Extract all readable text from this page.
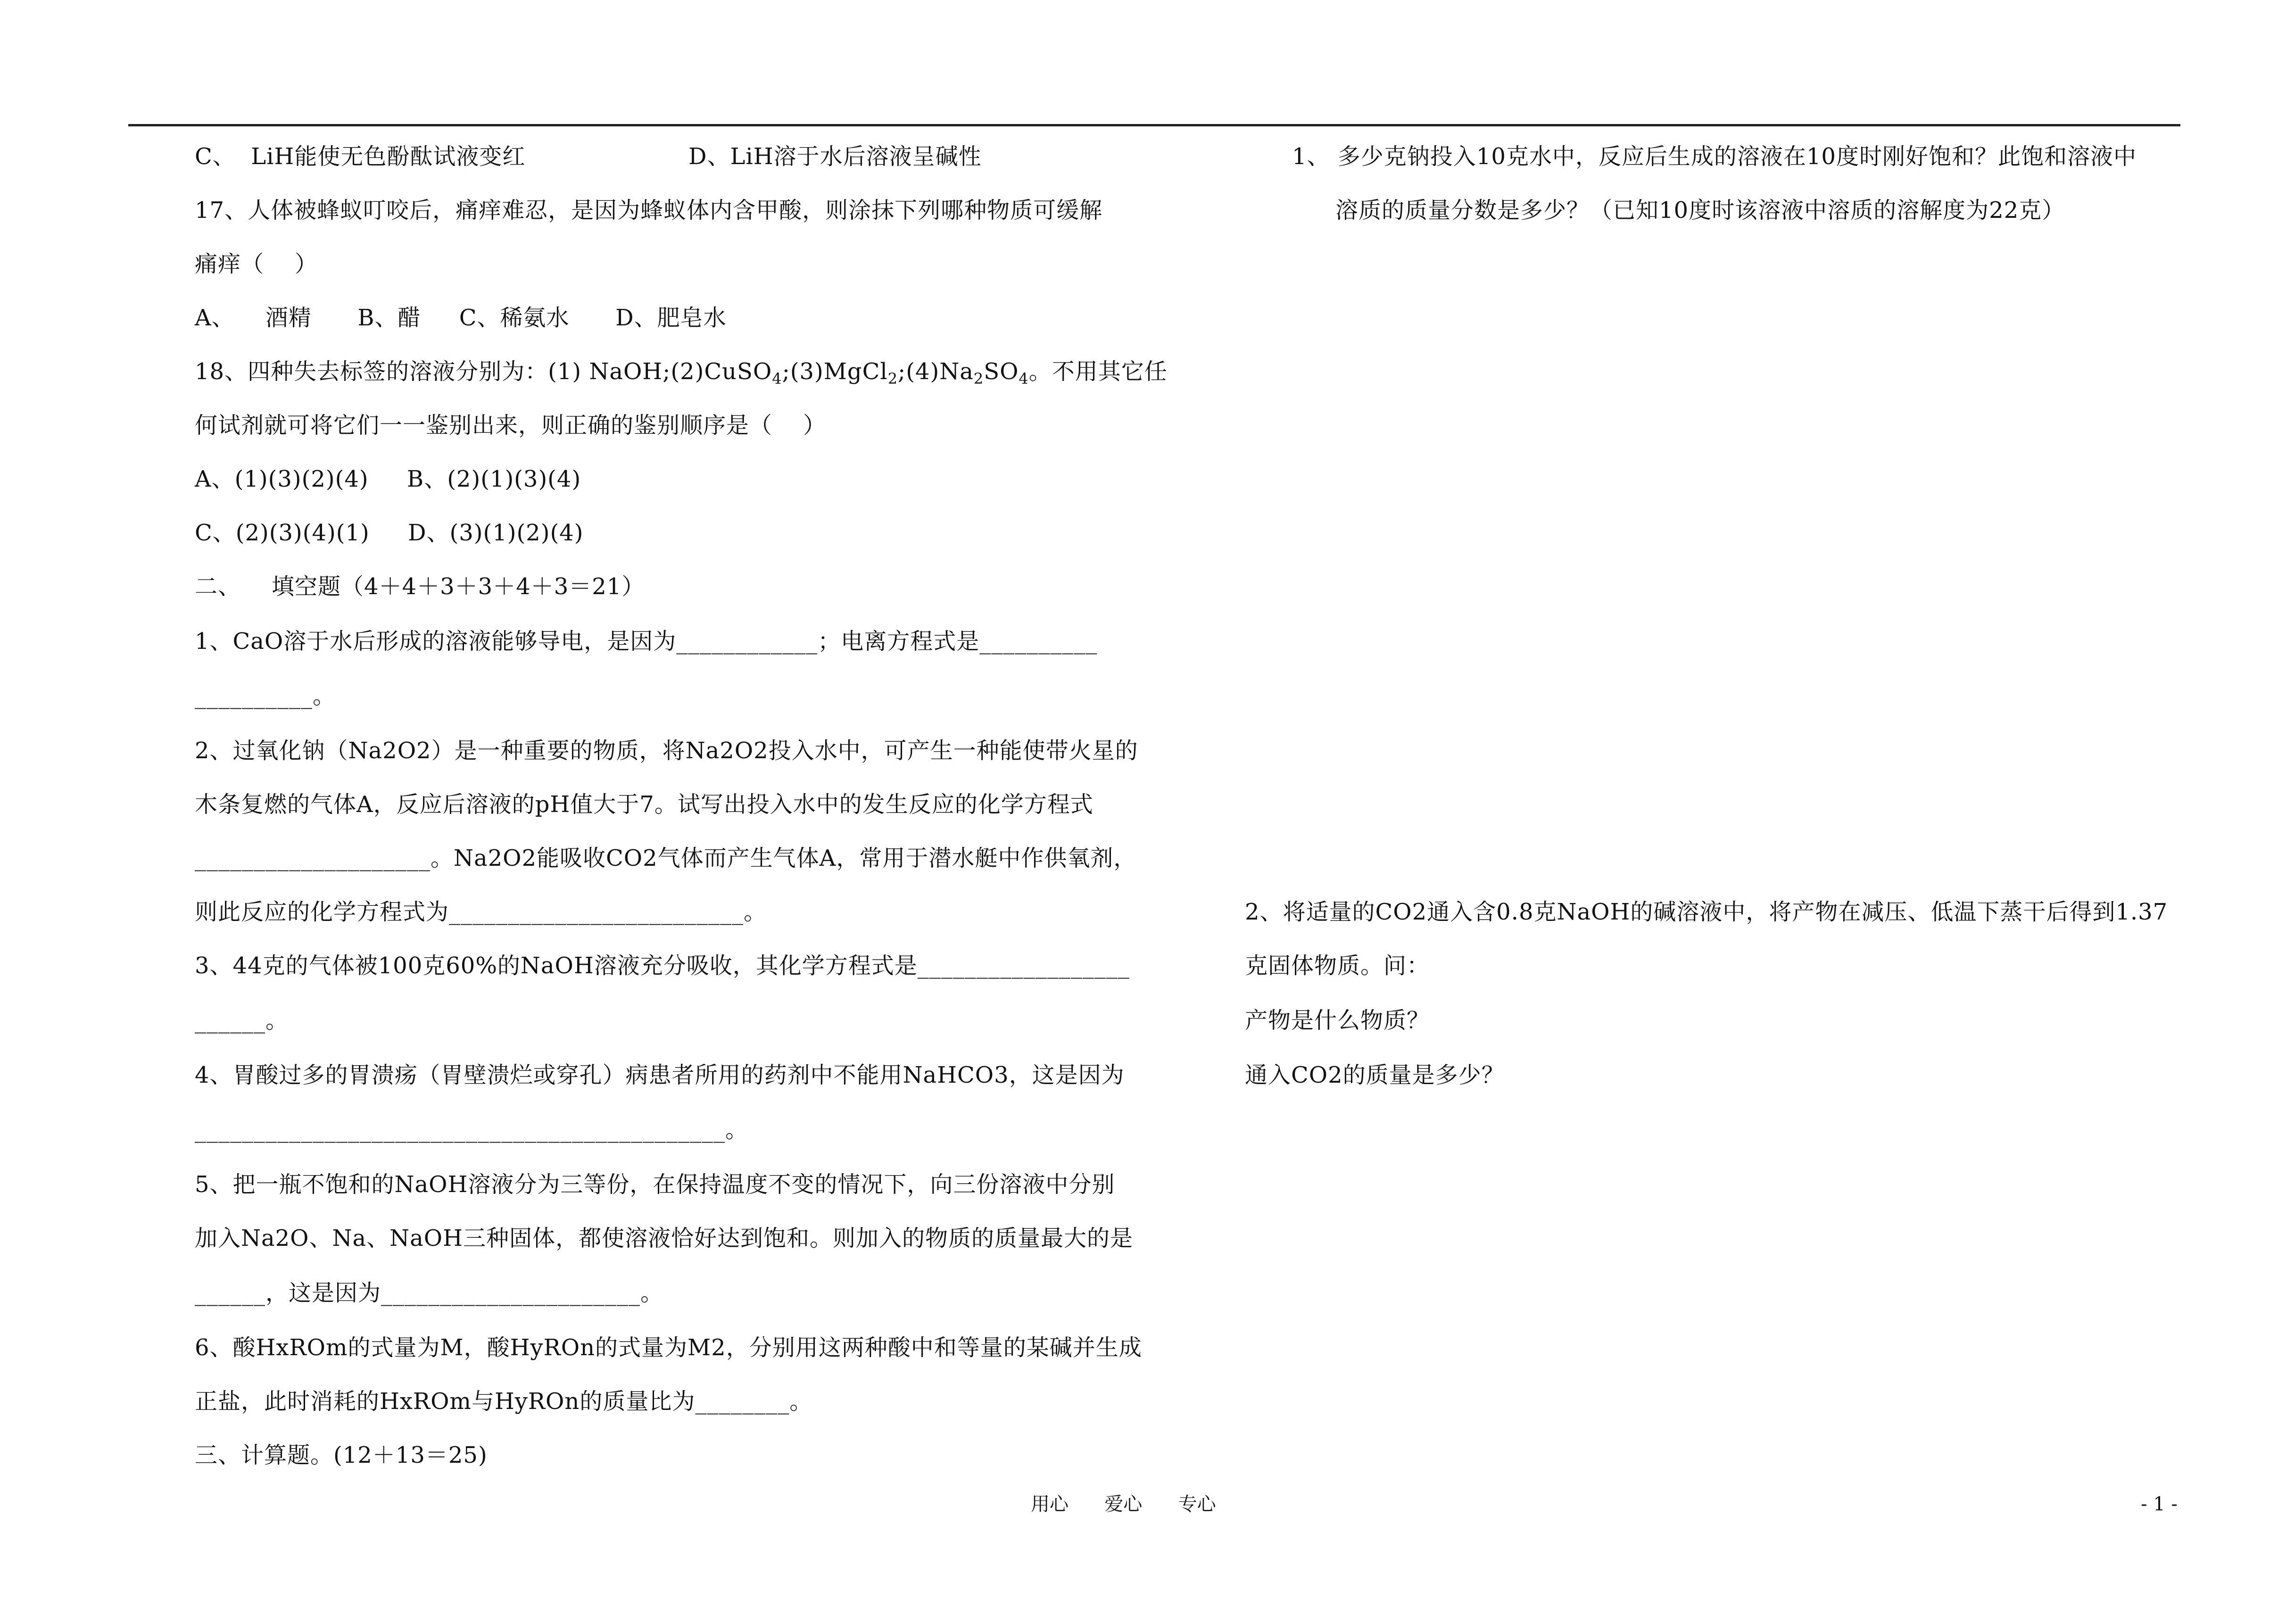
C、  LiH能使无色酚酞试液变红	D、LiH溶于水后溶液呈碱性
17、人体被蜂蚁叮咬后，痛痒难忍，是因为蜂蚁体内含甲酸，则涂抹下列哪种物质可缓解
痛痒（    ）
A、    酒精      B、醋     C、稀氨水      D、肥皂水
18、四种失去标签的溶液分别为：(1) $NaOH;(2)CuSO_4;(3)MgCl_2;(4)Na_2SO_4$。不用其它任
何试剂就可将它们一一鉴别出来，则正确的鉴别顺序是（    ）
A、(1)(3)(2)(4)     B、(2)(1)(3)(4)
C、(2)(3)(4)(1)     D、(3)(1)(2)(4)
二、    填空题（4＋4＋3＋3＋4＋3＝21）
1、CaO溶于水后形成的溶液能够导电，是因为____________；电离方程式是__________
__________。
2、过氧化钠（Na2O2）是一种重要的物质，将Na2O2投入水中，可产生一种能使带火星的
木条复燃的气体A，反应后溶液的pH值大于7。试写出投入水中的发生反应的化学方程式
____________________。Na2O2能吸收CO2气体而产生气体A，常用于潜水艇中作供氧剂，
则此反应的化学方程式为_________________________。
3、44克的气体被100克60%的NaOH溶液充分吸收，其化学方程式是__________________
______。
4、胃酸过多的胃溃疡（胃壁溃烂或穿孔）病患者所用的药剂中不能用NaHCO3，这是因为
_____________________________________________。
5、把一瓶不饱和的NaOH溶液分为三等份，在保持温度不变的情况下，向三份溶液中分别
加入Na2O、Na、NaOH三种固体，都使溶液恰好达到饱和。则加入的物质的质量最大的是
______，这是因为______________________。
6、酸HxROm的式量为M，酸HyROn的式量为M2，分别用这两种酸中和等量的某碱并生成
正盐，此时消耗的HxROm与HyROn的质量比为________。
三、计算题。(12＋13＝25)
1、 多少克钠投入10克水中，反应后生成的溶液在10度时刚好饱和？此饱和溶液中
溶质的质量分数是多少？（已知10度时该溶液中溶质的溶解度为22克）
2、将适量的CO2通入含0.8克NaOH的碱溶液中，将产物在减压、低温下蒸干后得到1.37
克固体物质。问：
产物是什么物质？
通入CO2的质量是多少？
用心      爱心      专心	- 1 -
